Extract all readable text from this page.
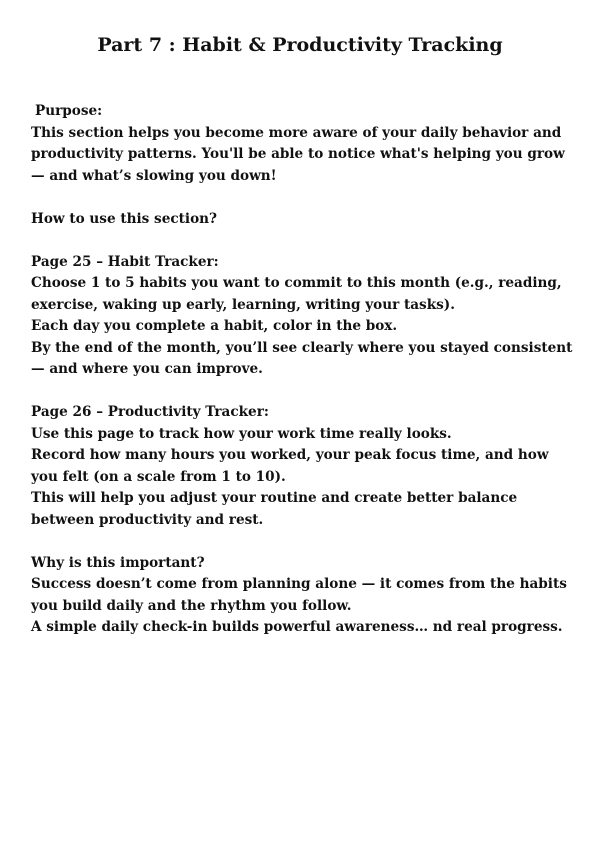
Part 7 : Habit & Productivity Tracking
Purpose:
This section helps you become more aware of your daily behavior and
productivity patterns. You'll be able to notice what's helping you grow
— and what’s slowing you down!
How to use this section?
Page 25 – Habit Tracker:
Choose 1 to 5 habits you want to commit to this month (e.g., reading,
exercise, waking up early, learning, writing your tasks).
Each day you complete a habit, color in the box.
By the end of the month, you’ll see clearly where you stayed consistent
— and where you can improve.
Page 26 – Productivity Tracker:
Use this page to track how your work time really looks.
Record how many hours you worked, your peak focus time, and how
you felt (on a scale from 1 to 10).
This will help you adjust your routine and create better balance
between productivity and rest.
Why is this important?
Success doesn’t come from planning alone — it comes from the habits
you build daily and the rhythm you follow.
A simple daily check-in builds powerful awareness… nd real progress.
